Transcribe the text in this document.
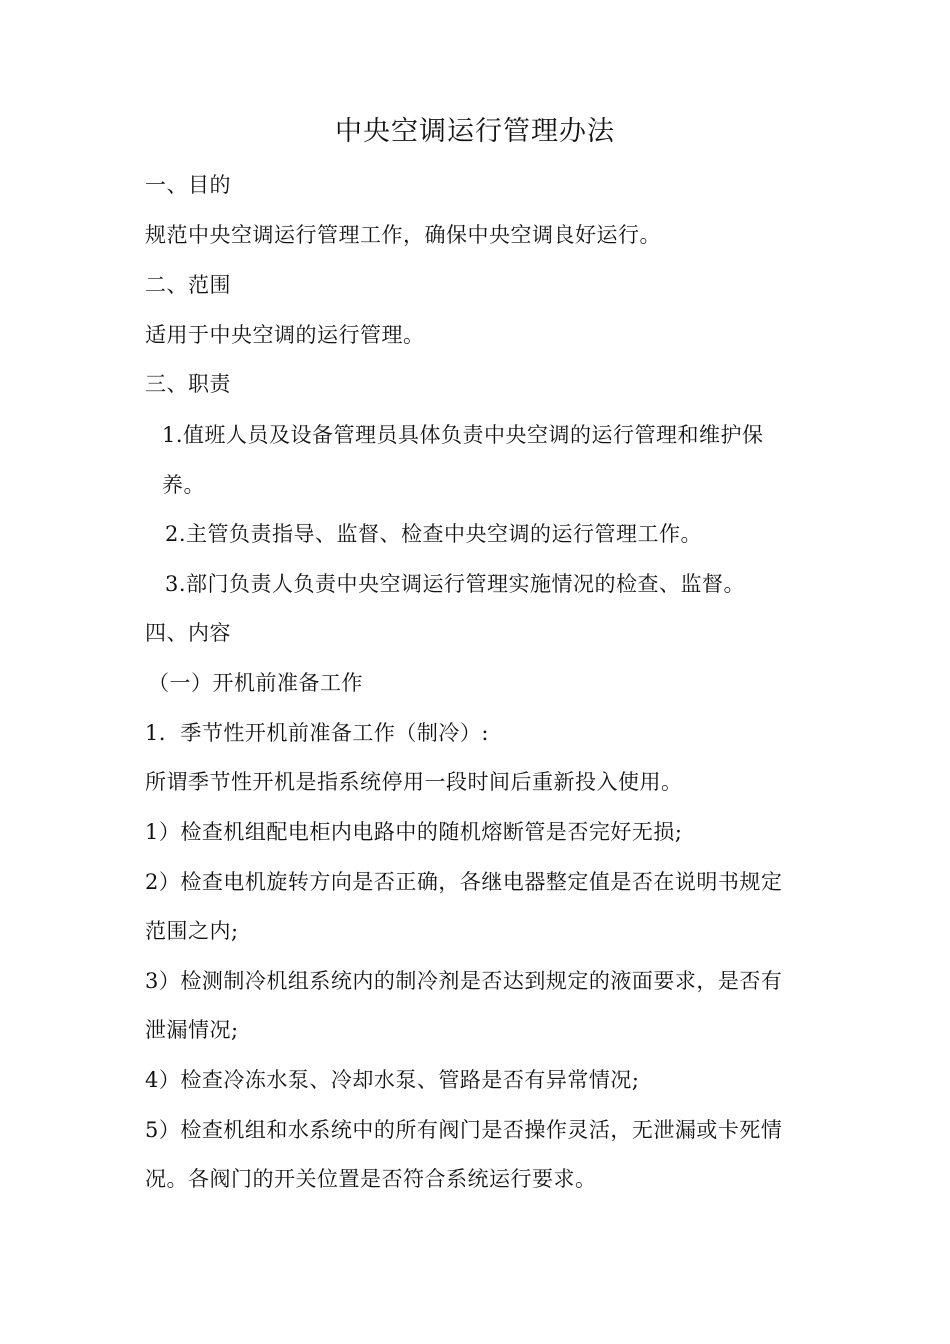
中央空调运行管理办法
一、目的
规范中央空调运行管理工作，确保中央空调良好运行。
二、范围
适用于中央空调的运行管理。
三、职责
1.值班人员及设备管理员具体负责中央空调的运行管理和维护保
养。
2.主管负责指导、监督、检查中央空调的运行管理工作。
3.部门负责人负责中央空调运行管理实施情况的检查、监督。
四、内容
（一）开机前准备工作
1．季节性开机前准备工作（制冷）:
所谓季节性开机是指系统停用一段时间后重新投入使用。
1）检查机组配电柜内电路中的随机熔断管是否完好无损;
2）检查电机旋转方向是否正确，各继电器整定值是否在说明书规定
范围之内;
3）检测制冷机组系统内的制冷剂是否达到规定的液面要求，是否有
泄漏情况;
4）检查冷冻水泵、冷却水泵、管路是否有异常情况;
5）检查机组和水系统中的所有阀门是否操作灵活，无泄漏或卡死情
况。各阀门的开关位置是否符合系统运行要求。
